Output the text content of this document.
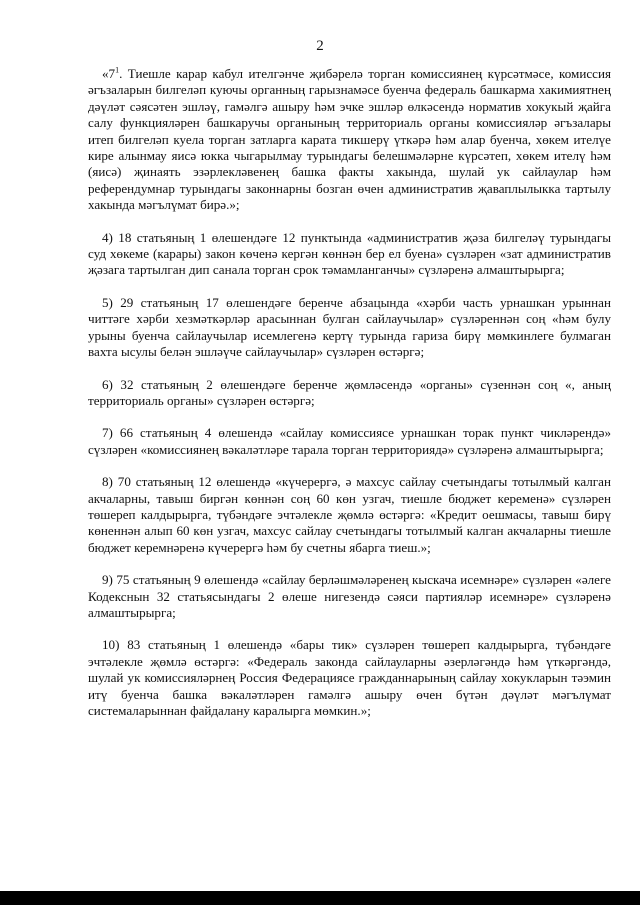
2

«$7^1$. Тиешле карар кабул ителгәнче җибәрелә торган комиссиянең күрсәтмәсе, комиссия әгъзаларын билгеләп куючы органның гарызнамәсе буенча федераль башкарма хакимиятнең дәүләт сәясәтен эшләү, гамәлгә ашыру һәм эчке эшләр өлкәсендә норматив хокукый җайга салу функцияләрен башкаручы органының территориаль органы комиссияләр әгъзалары итеп билгеләп куела торган затларга карата тикшерү үткәрә һәм алар буенча, хөкем ителүе кире алынмау яисә юкка чыгарылмау турындагы белешмәләрне күрсәтеп, хөкем ителү һәм (яисә) җинаять эзәрлекләвенең башка факты хакында, шулай ук сайлаулар һәм референдумнар турындагы законнарны бозган өчен административ җаваплылыкка тартылу хакында мәгълүмат бирә.»;

4) 18 статьяның 1 өлешендәге 12 пунктында «административ җәза билгеләү турындагы суд хөкеме (карары) закон көченә кергән көннән бер ел буена» сүзләрен «зат административ җәзага тартылган дип санала торган срок тәмамланганчы» сүзләренә алмаштырырга;

5) 29 статьяның 17 өлешендәге беренче абзацында «хәрби часть урнашкан урыннан читтәге хәрби хезмәткәрләр арасыннан булган сайлаучылар» сүзләреннән соң «һәм булу урыны буенча сайлаучылар исемлегенә кертү турында гариза бирү мөмкинлеге булмаган вахта ысулы белән эшләүче сайлаучылар» сүзләрен өстәргә;

6) 32 статьяның 2 өлешендәге беренче җөмләсендә «органы» сүзеннән соң «, аның территориаль органы» сүзләрен өстәргә;

7) 66 статьяның 4 өлешендә «сайлау комиссиясе урнашкан торак пункт чикләрендә» сүзләрен «комиссиянең вәкаләтләре тарала торган территориядә» сүзләренә алмаштырырга;

8) 70 статьяның 12 өлешендә «күчерергә, ә махсус сайлау счетындагы тотылмый калган акчаларны, тавыш биргән көннән соң 60 көн узгач, тиешле бюджет кеременә» сүзләрен төшереп калдырырга, түбәндәге эчтәлекле җөмлә өстәргә: «Кредит оешмасы, тавыш бирү көненнән алып 60 көн узгач, махсус сайлау счетындагы тотылмый калган акчаларны тиешле бюджет керемнәренә күчерергә һәм бу счетны ябарга тиеш.»;

9) 75 статьяның 9 өлешендә «сайлау берләшмәләренең кыскача исемнәре» сүзләрен «әлеге Кодекснын 32 статьясындагы 2 өлеше нигезендә сәяси партияләр исемнәре» сүзләренә алмаштырырга;

10) 83 статьяның 1 өлешендә «бары тик» сүзләрен төшереп калдырырга, түбәндәге эчтәлекле җөмлә өстәргә: «Федераль законда сайлауларны әзерләгәндә һәм үткәргәндә, шулай ук комиссияләрнең Россия Федерациясе гражданнарының сайлау хокукларын тәэмин итү буенча башка вәкаләтләрен гамәлгә ашыру өчен бүтән дәүләт мәгълүмат системаларыннан файдалану каралырга мөмкин.»;
